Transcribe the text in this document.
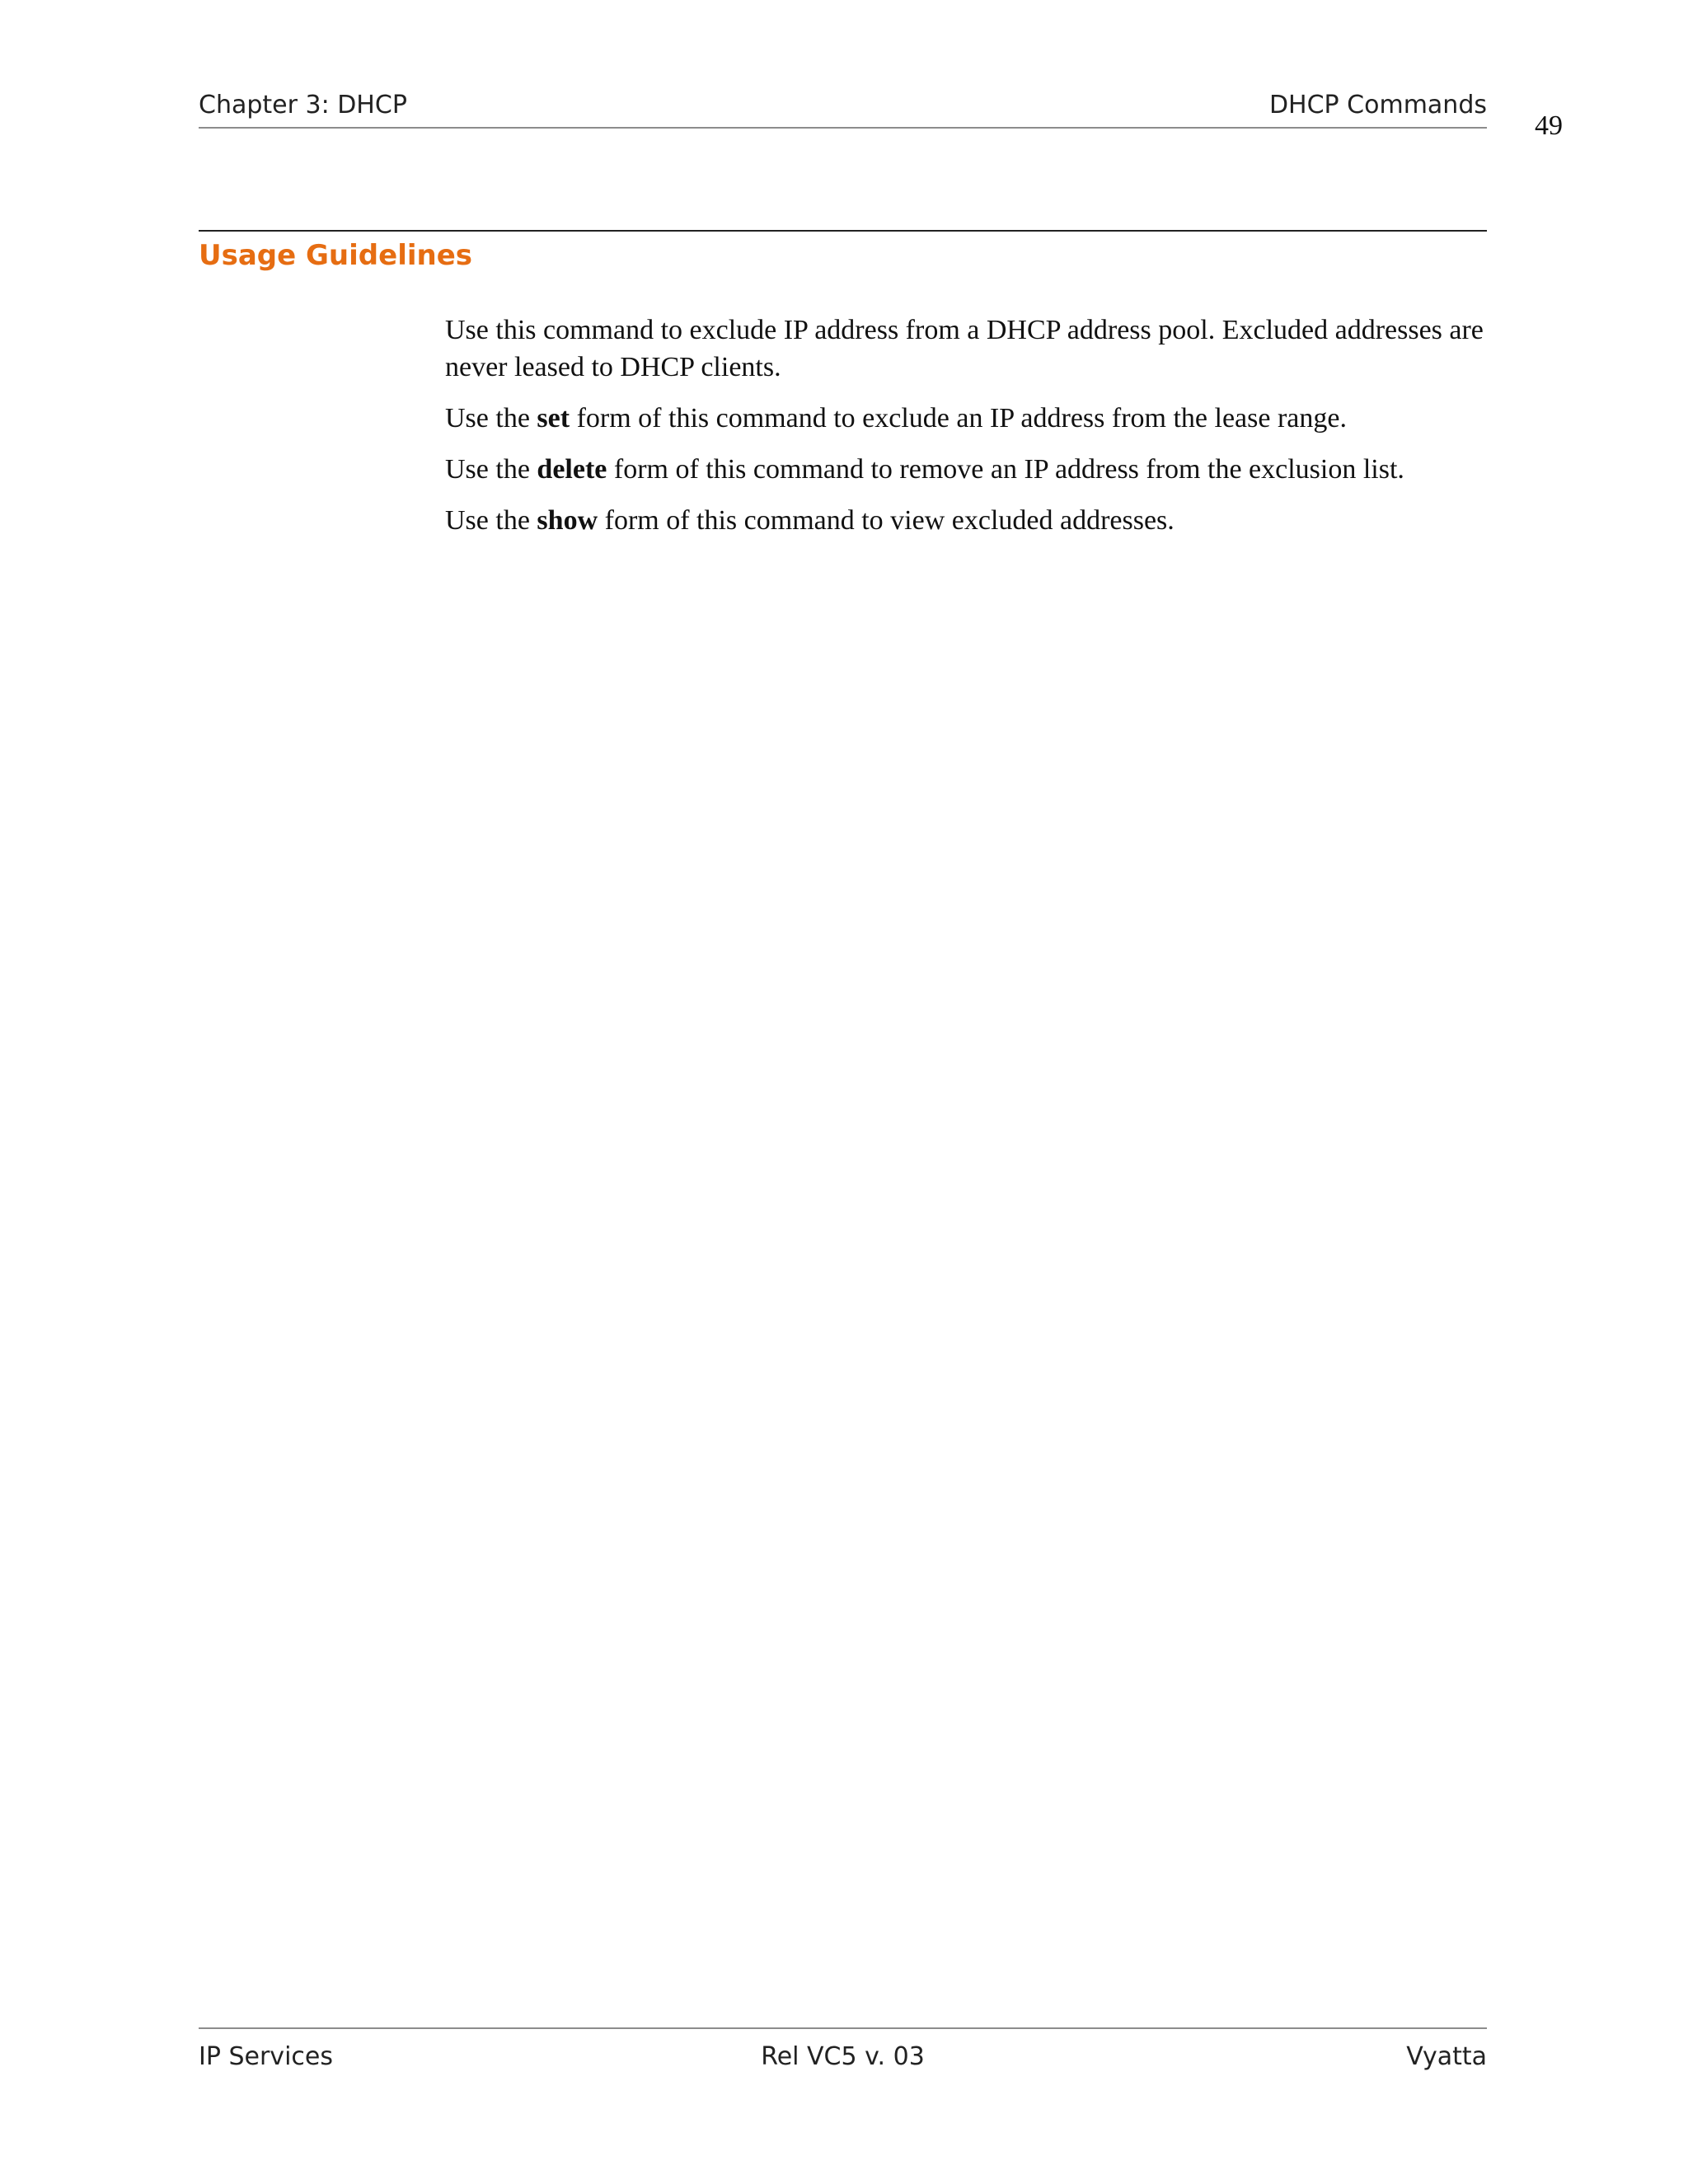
Chapter 3: DHCP	DHCP Commands
49
Usage Guidelines

Use this command to exclude IP address from a DHCP address pool. Excluded addresses are never leased to DHCP clients.

Use the set form of this command to exclude an IP address from the lease range.

Use the delete form of this command to remove an IP address from the exclusion list.

Use the show form of this command to view excluded addresses.

IP Services	Rel VC5 v. 03	Vyatta
